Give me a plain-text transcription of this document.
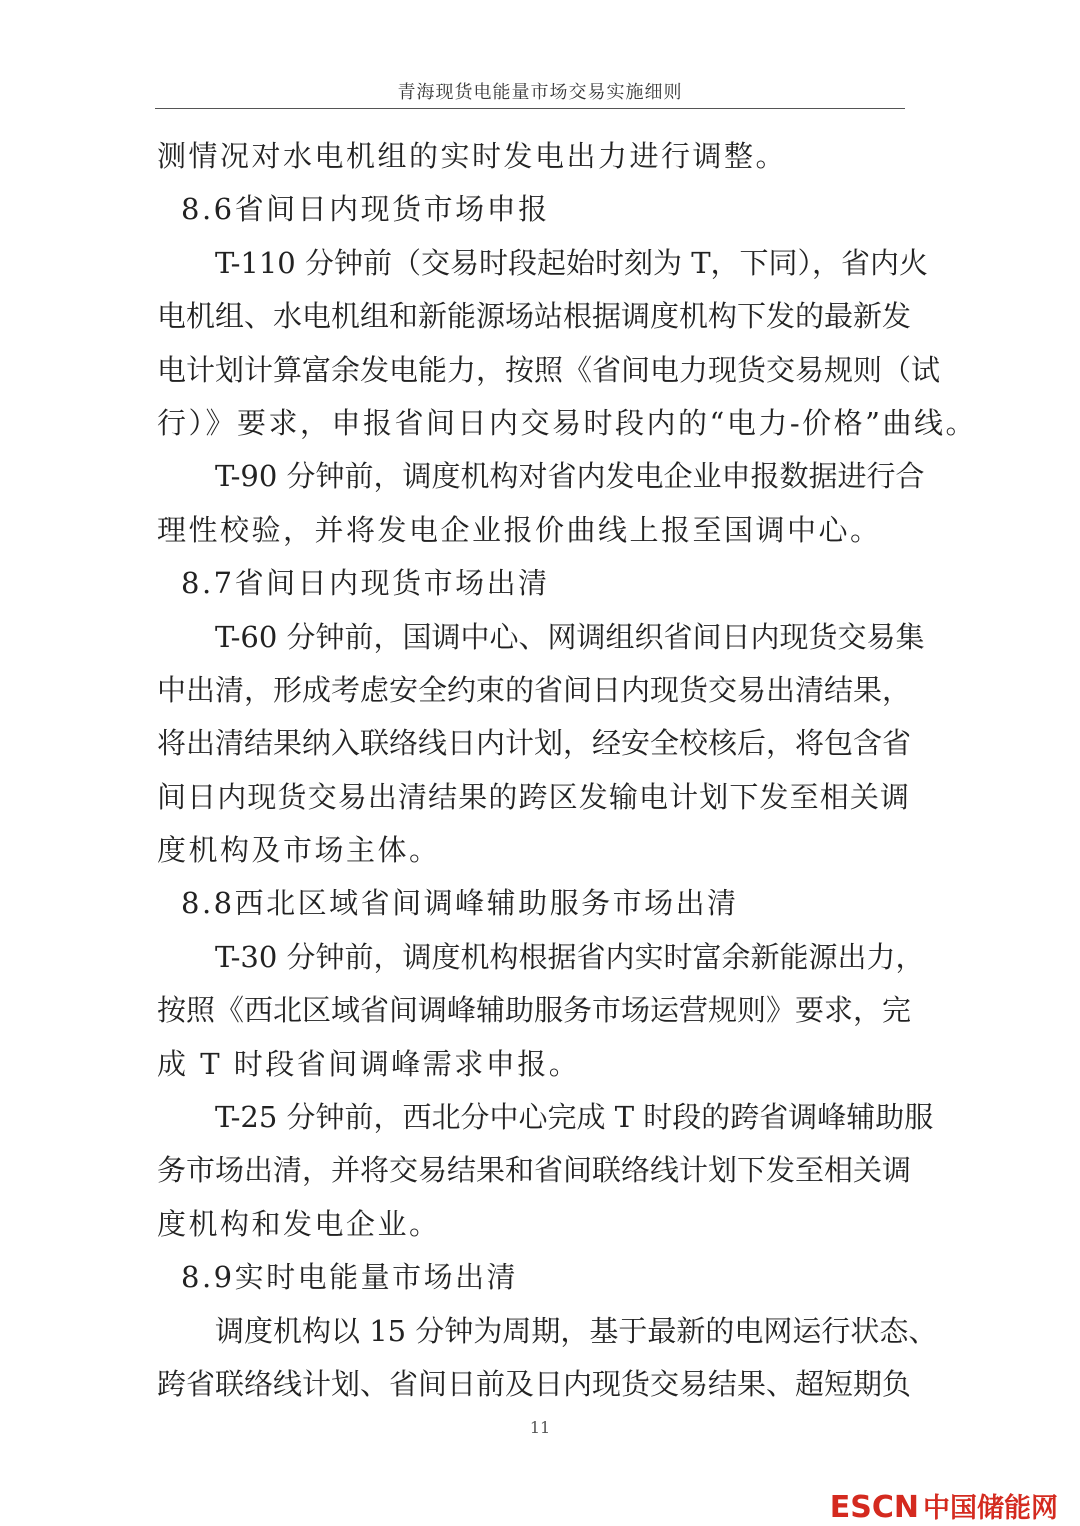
青海现货电能量市场交易实施细则
测情况对水电机组的实时发电出力进行调整。
8.6省间日内现货市场申报
T-110 分钟前（交易时段起始时刻为 T，下同），省内火
电机组、水电机组和新能源场站根据调度机构下发的最新发
电计划计算富余发电能力，按照《省间电力现货交易规则（试
行）》要求，申报省间日内交易时段内的“电力-价格”曲线。
T-90 分钟前，调度机构对省内发电企业申报数据进行合
理性校验，并将发电企业报价曲线上报至国调中心。
8.7省间日内现货市场出清
T-60 分钟前，国调中心、网调组织省间日内现货交易集
中出清，形成考虑安全约束的省间日内现货交易出清结果，
将出清结果纳入联络线日内计划，经安全校核后，将包含省
间日内现货交易出清结果的跨区发输电计划下发至相关调
度机构及市场主体。
8.8西北区域省间调峰辅助服务市场出清
T-30 分钟前，调度机构根据省内实时富余新能源出力，
按照《西北区域省间调峰辅助服务市场运营规则》要求，完
成 T 时段省间调峰需求申报。
T-25 分钟前，西北分中心完成 T 时段的跨省调峰辅助服
务市场出清，并将交易结果和省间联络线计划下发至相关调
度机构和发电企业。
8.9实时电能量市场出清
调度机构以 15 分钟为周期，基于最新的电网运行状态、
跨省联络线计划、省间日前及日内现货交易结果、超短期负
11
ESCN 中国储能网
